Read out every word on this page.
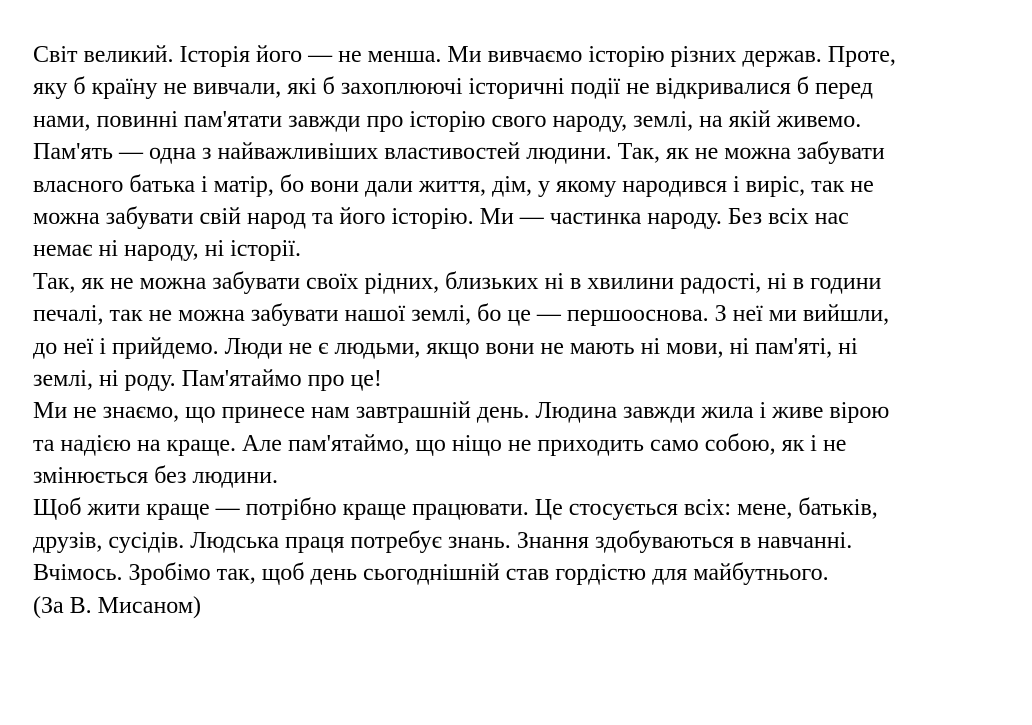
Світ великий. Історія його — не менша. Ми вивчаємо історію різних держав. Проте,
яку б країну не вивчали, які б захоплюючі історичні події не відкривалися б перед
нами, повинні пам'ятати завжди про історію свого народу, землі, на якій живемо.
Пам'ять — одна з найважливіших властивостей людини. Так, як не можна забувати
власного батька і матір, бо вони дали життя, дім, у якому народився і виріс, так не
можна забувати свій народ та його історію. Ми — частинка народу. Без всіх нас
немає ні народу, ні історії.
Так, як не можна забувати своїх рідних, близьких ні в хвилини радості, ні в години
печалі, так не можна забувати нашої землі, бо це — першооснова. З неї ми вийшли,
до неї і прийдемо. Люди не є людьми, якщо вони не мають ні мови, ні пам'яті, ні
землі, ні роду. Пам'ятаймо про це!
Ми не знаємо, що принесе нам завтрашній день. Людина завжди жила і живе вірою
та надією на краще. Але пам'ятаймо, що ніщо не приходить само собою, як і не
змінюється без людини.
Щоб жити краще — потрібно краще працювати. Це стосується всіх: мене, батьків,
друзів, сусідів. Людська праця потребує знань. Знання здобуваються в навчанні.
Вчімось. Зробімо так, щоб день сьогоднішній став гордістю для майбутнього.
(За В. Мисаном)
